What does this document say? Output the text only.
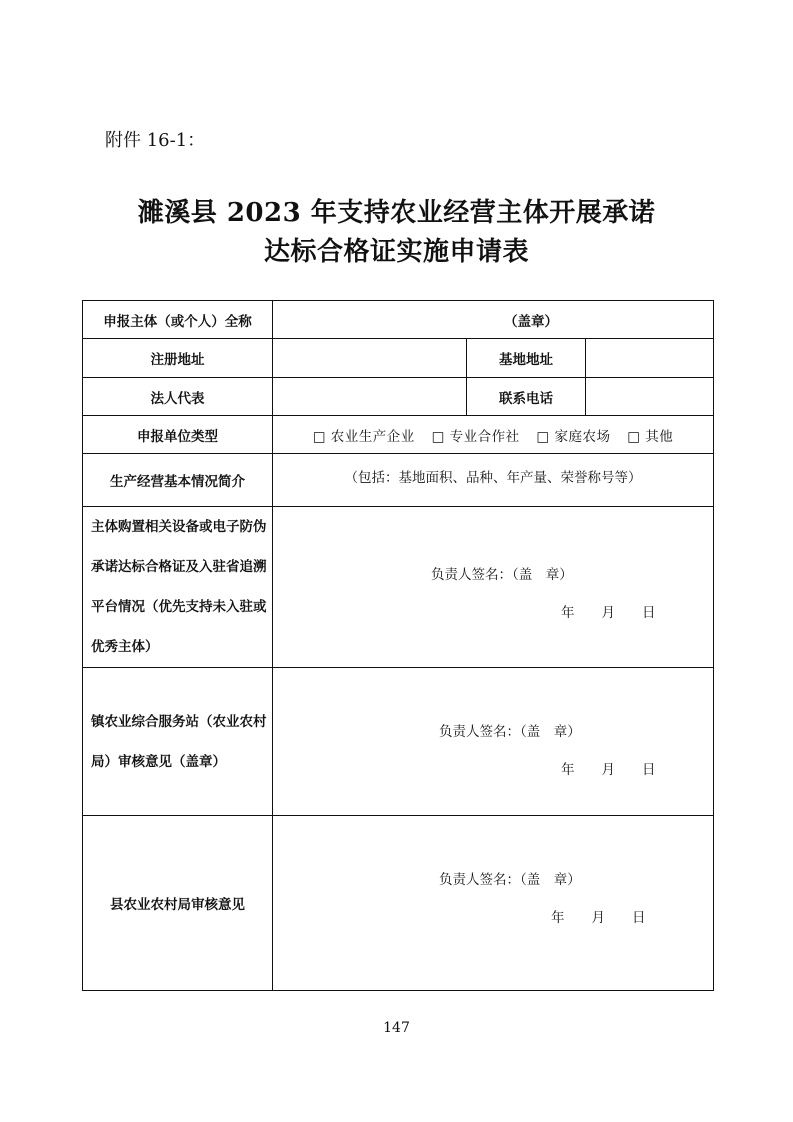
附件 16-1：
濉溪县 2023 年支持农业经营主体开展承诺
达标合格证实施申请表
申报主体（或个人）全称	（盖章）		
注册地址		基地地址	
法人代表		联系电话	
申报单位类型	□ 农业生产企业 □ 专业合作社 □ 家庭农场 □ 其他		
生产经营基本情况简介	（包括：基地面积、品种、年产量、荣誉称号等）		
主体购置相关设备或电子防伪承诺达标合格证及入驻省追溯平台情况（优先支持未入驻或优秀主体）	负责人签名：（盖　章）
年　　月　　日		

镇农业综合服务站（农业农村局）审核意见（盖章）	负责人签名：（盖　章）
年　　月　　日		

县农业农村局审核意见	负责人签名：（盖　章）
年　　月　　日		
147
